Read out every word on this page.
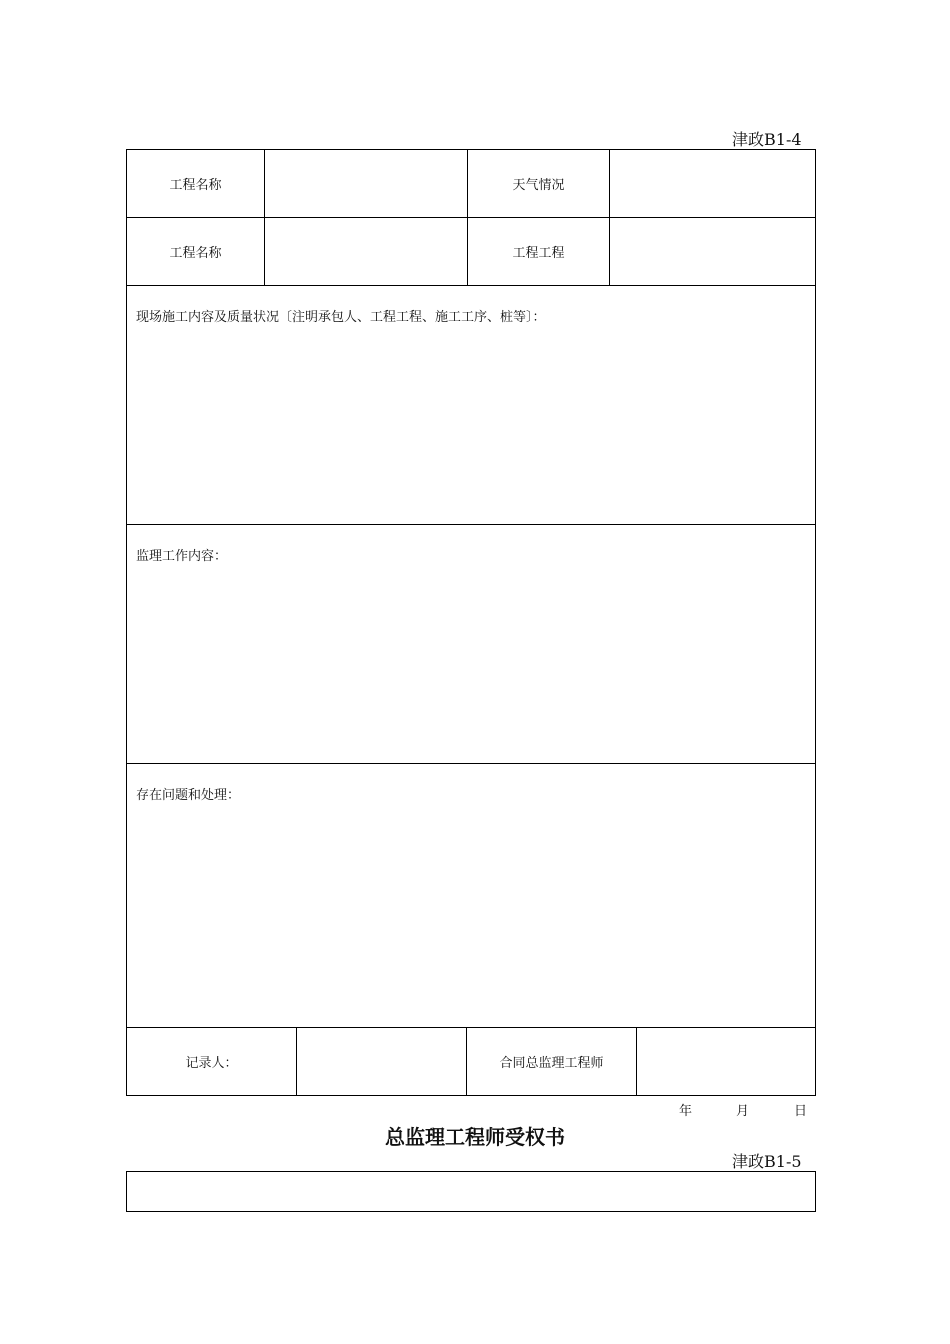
津政B1-4
工程名称	天气情况
工程名称	工程工程
现场施工内容及质量状况〔注明承包人、工程工程、施工工序、桩等〕：
监理工作内容：
存在问题和处理：
记录人：	合同总监理工程师
年	月	日
总监理工程师受权书
津政B1-5
